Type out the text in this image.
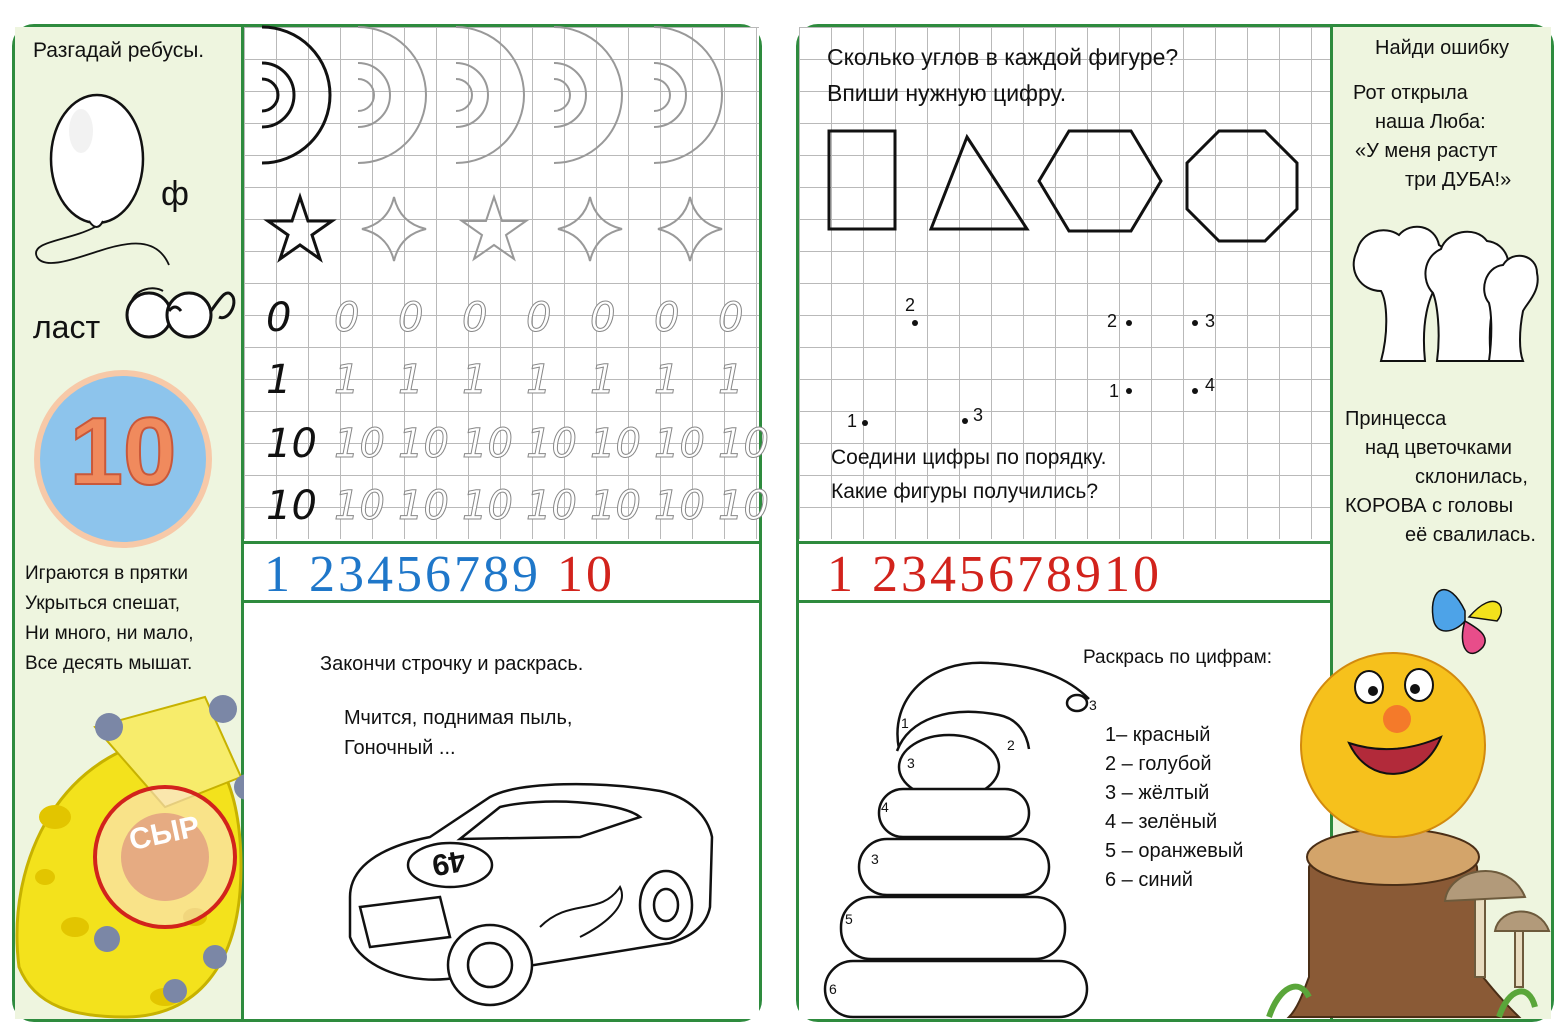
Разгадай ребусы.
ф
ласт
10
Играются в прятки
Укрыться спешат,
Ни много, ни мало,
Все десять мышат.
СЫР
0 0 0 0 0 0 0 0
1 1 1 1 1 1 1 1
10 10 10 10 10 10 10 10
10 10 10 10 10 10 10 10
1 23456789 10
Закончи строчку и раскрась.
Мчится, поднимая пыль,
Гоночный ...
49
Сколько углов в каждой фигуре?
Впиши нужную цифру.
2
1	3
2	3
1	4
Соедини цифры по порядку.
Какие фигуры получились?
1 2345678910
Раскрась по цифрам:
1– красный
2 – голубой
3 – жёлтый
4 – зелёный
5 – оранжевый
6 – синий
1
2
3
3
4
3
5
6
Найди ошибку
Рот открыла
наша Люба:
«У меня растут
три ДУБА!»
Принцесса
над цветочками
склонилась,
КОРОВА с головы
её свалилась.
